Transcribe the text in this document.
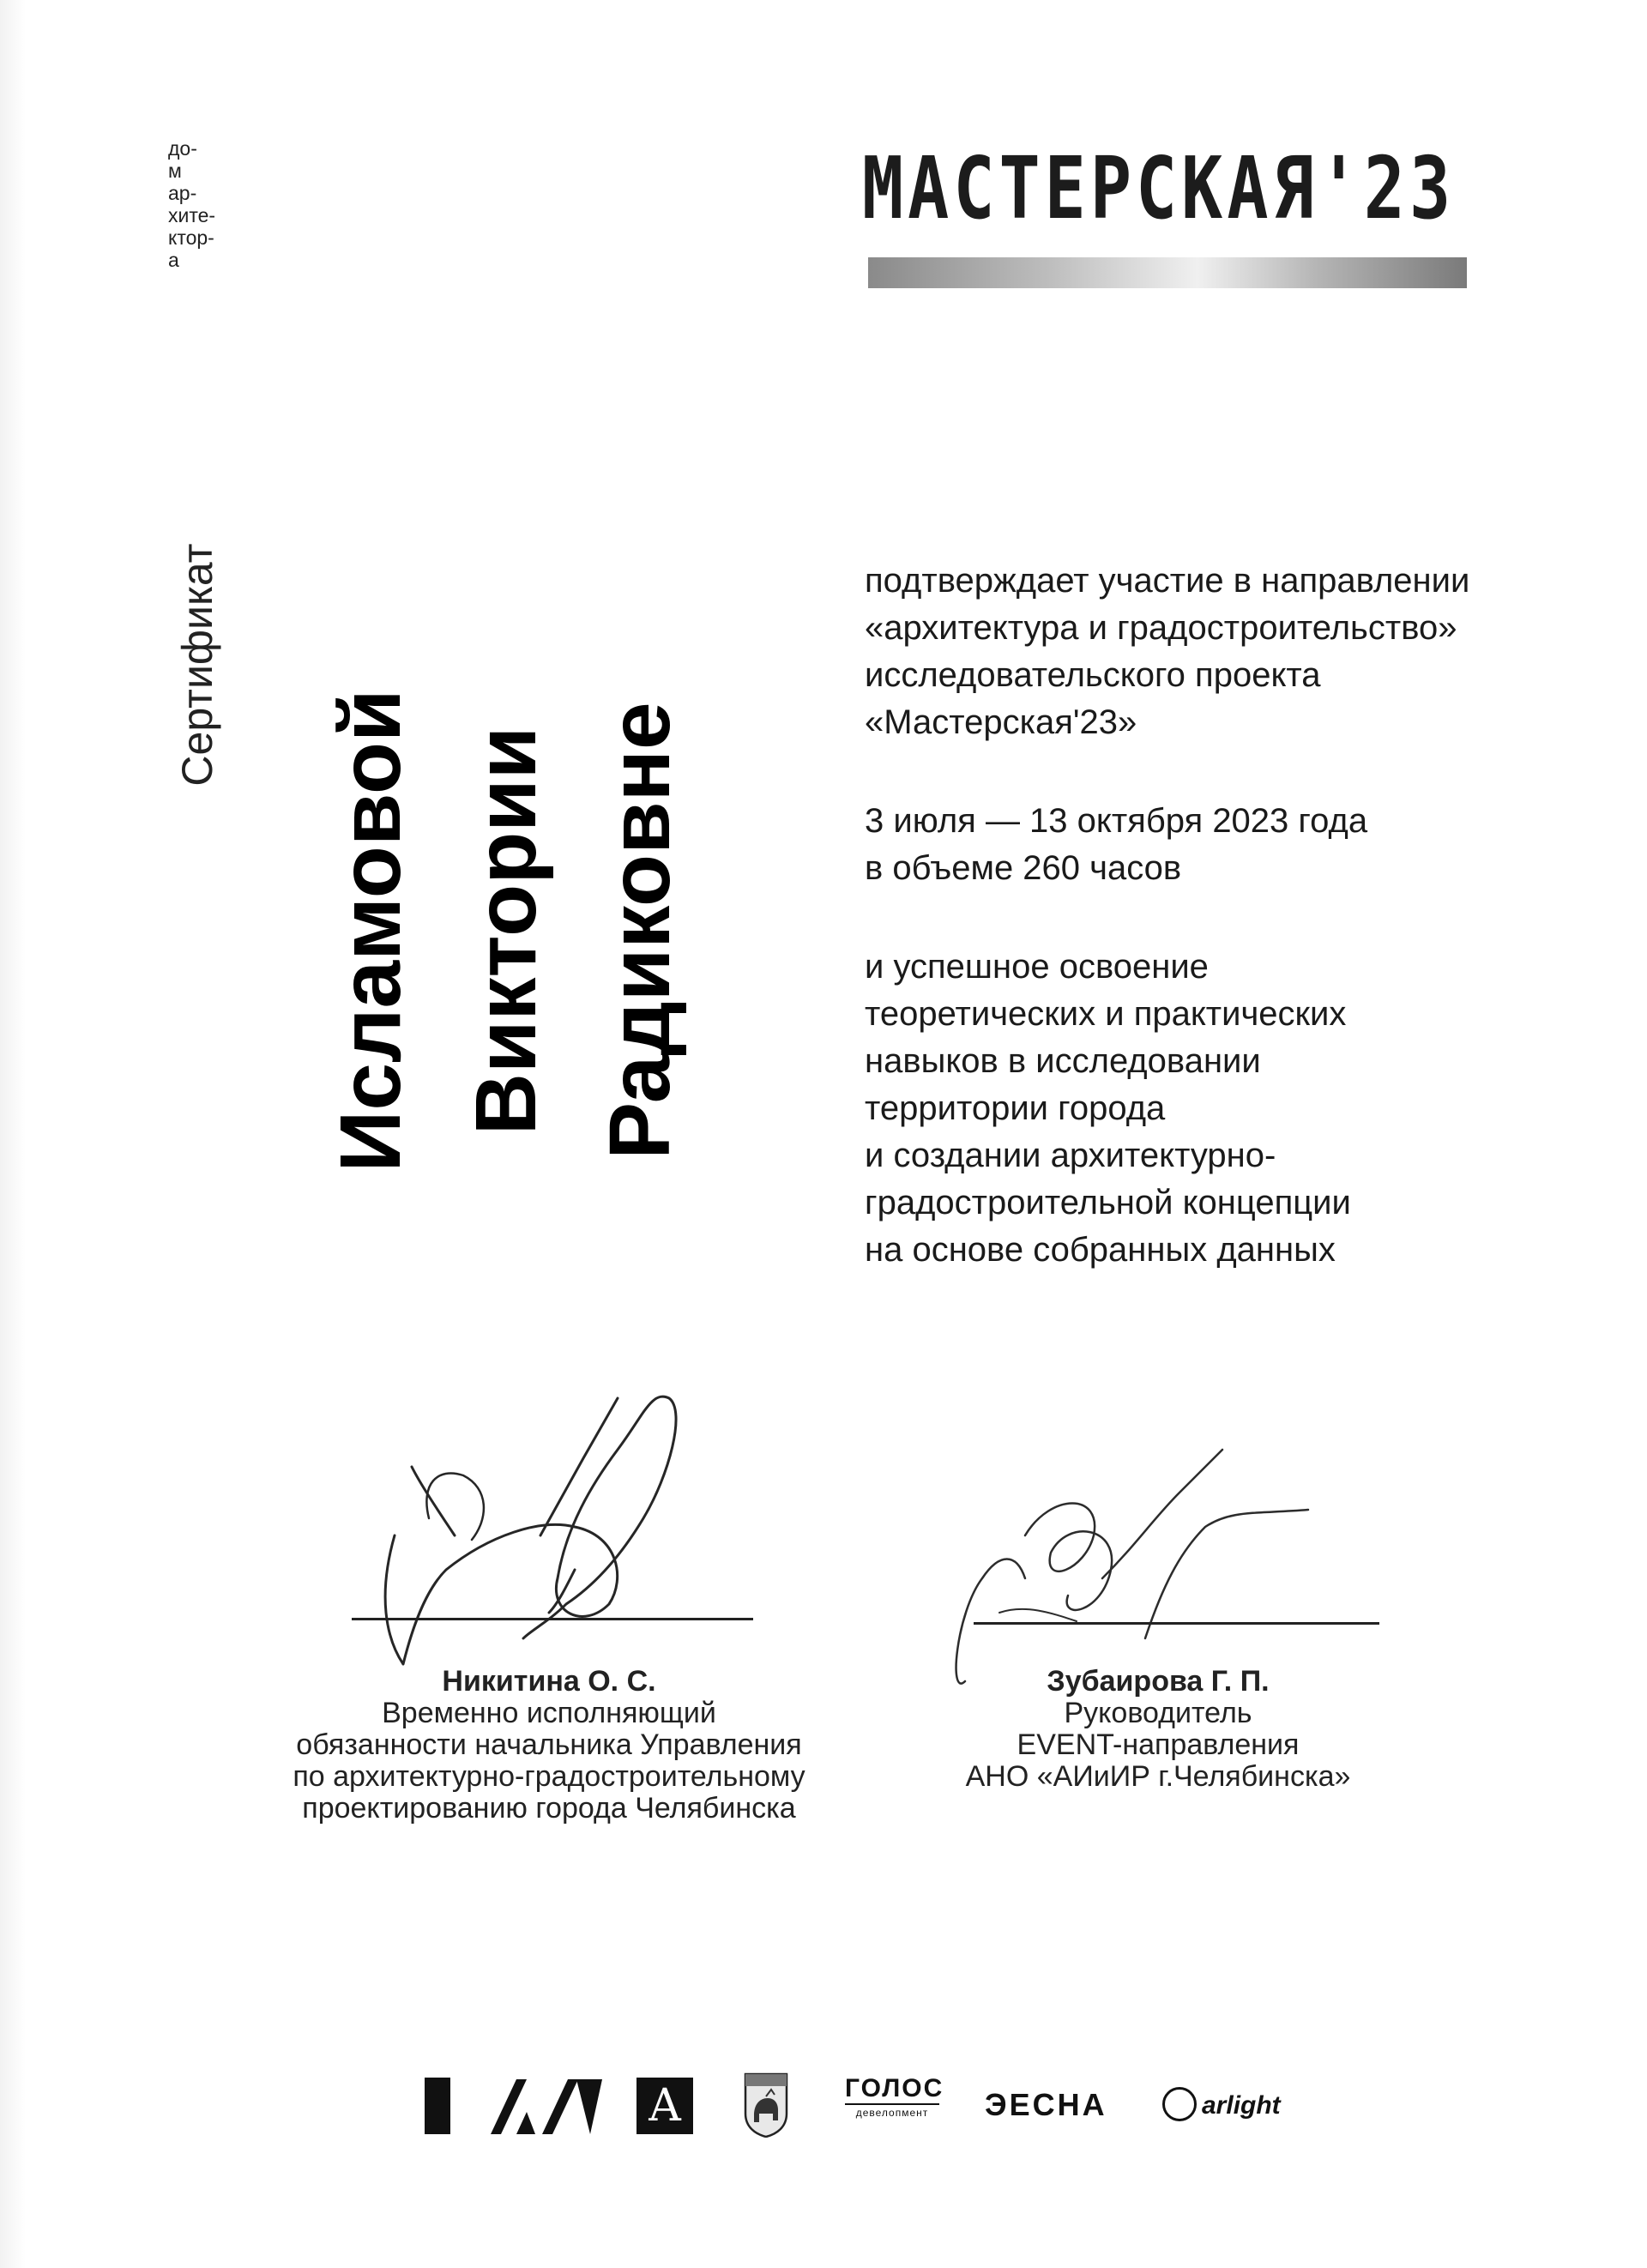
до-
м
ар-
хите-
ктор-
а
МАСТЕРСКАЯ'23
Сертификат
Исламовой Виктории Радиковне
подтверждает участие в направлении
«архитектура и градостроительство»
исследовательского проекта
«Мастерская'23»
3 июля — 13 октября 2023 года
в объеме 260 часов
и успешное освоение
теоретических и практических
навыков в исследовании
территории города
и создании архитектурно-
градостроительной концепции
на основе собранных данных
Никитина О. С.
Временно исполняющий
обязанности начальника Управления
по архитектурно-градостроительному
проектированию города Челябинска
Зубаирова Г. П.
Руководитель
EVENT-направления
АНО «АИиИР г.Челябинска»
A	ГОЛОС
девелопмент	ЭЕСНА	arlight
